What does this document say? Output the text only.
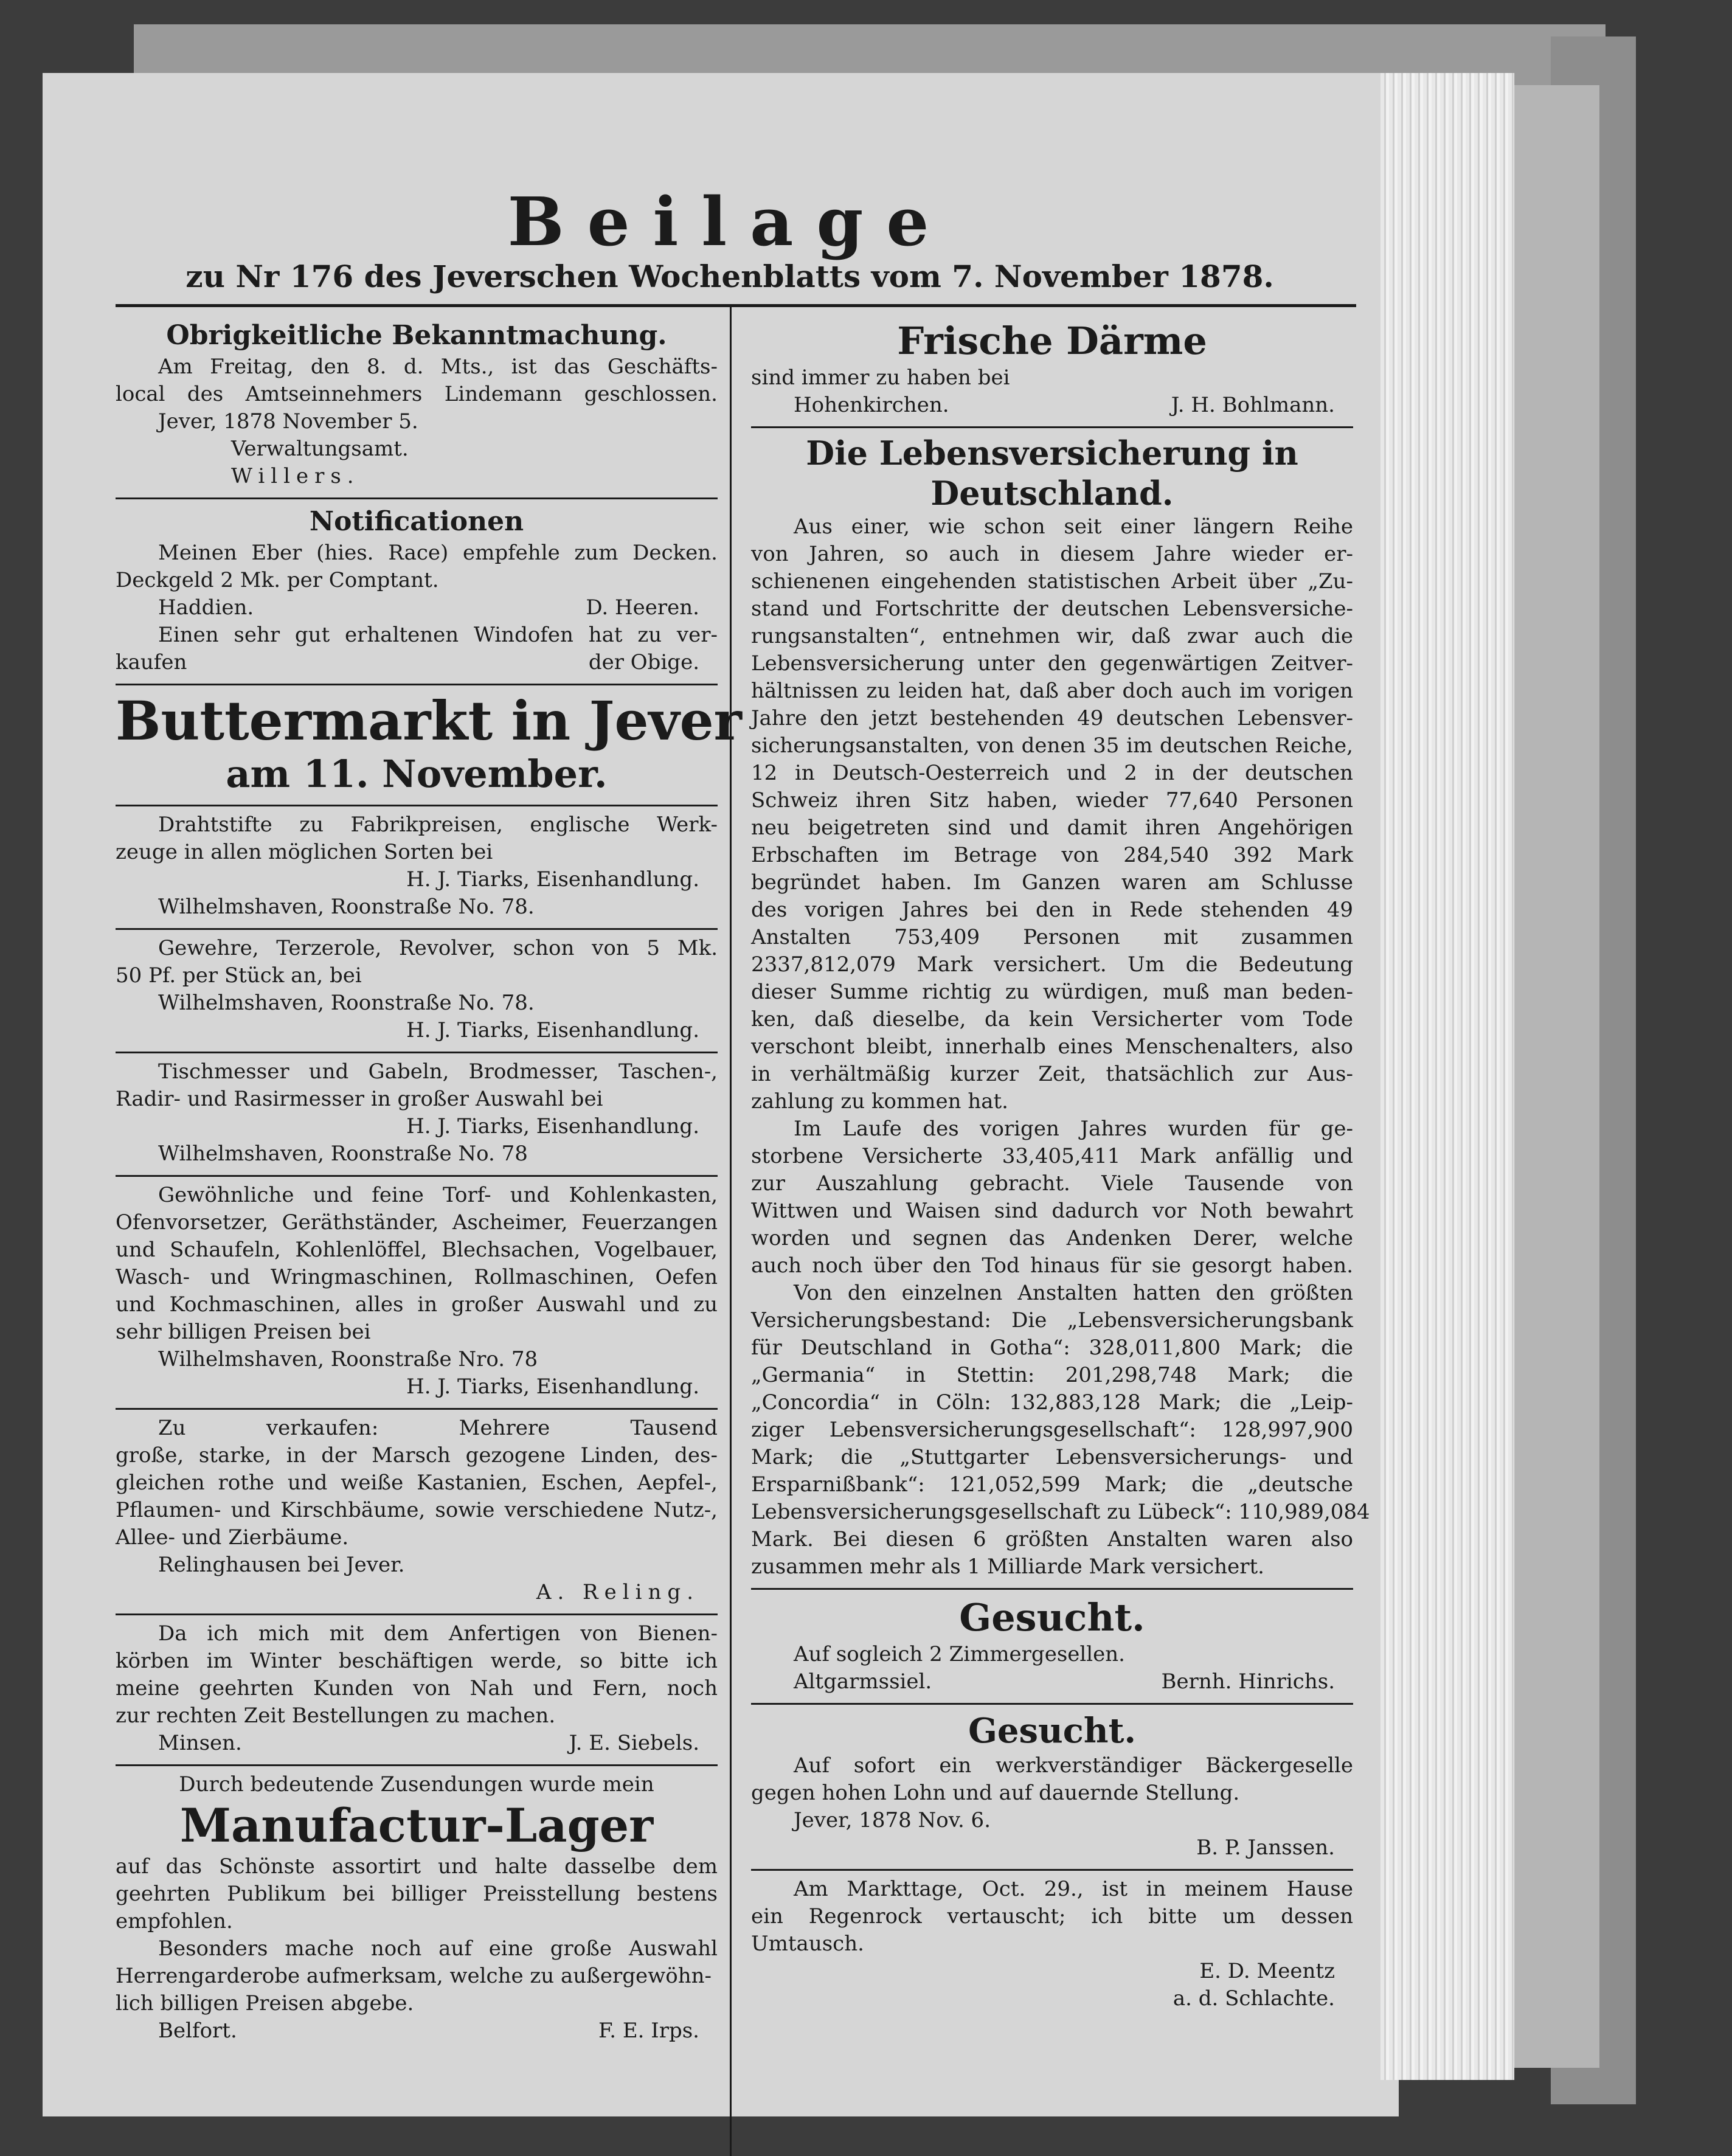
Beilage
zu Nr 176 des Jeverschen Wochenblatts vom 7. November 1878.
Obrigkeitliche Bekanntmachung.
Am Freitag, den 8. d. Mts., ist das Geschäfts-
local des Amtseinnehmers Lindemann geschlossen.
Jever, 1878 November 5.
Verwaltungsamt.
Willers.
Notificationen
Meinen Eber (hies. Race) empfehle zum Decken.
Deckgeld 2 Mk. per Comptant.
Haddien.	D. Heeren.
Einen sehr gut erhaltenen Windofen hat zu ver-
kaufen	der Obige.
Buttermarkt in Jever
am 11. November.
Drahtstifte zu Fabrikpreisen, englische Werk-
zeuge in allen möglichen Sorten bei
H. J. Tiarks, Eisenhandlung.
Wilhelmshaven, Roonstraße No. 78.
Gewehre, Terzerole, Revolver, schon von 5 Mk.
50 Pf. per Stück an, bei
Wilhelmshaven, Roonstraße No. 78.
H. J. Tiarks, Eisenhandlung.
Tischmesser und Gabeln, Brodmesser, Taschen-,
Radir- und Rasirmesser in großer Auswahl bei
H. J. Tiarks, Eisenhandlung.
Wilhelmshaven, Roonstraße No. 78
Gewöhnliche und feine Torf- und Kohlenkasten,
Ofenvorsetzer, Geräthständer, Ascheimer, Feuerzangen
und Schaufeln, Kohlenlöffel, Blechsachen, Vogelbauer,
Wasch- und Wringmaschinen, Rollmaschinen, Oefen
und Kochmaschinen, alles in großer Auswahl und zu
sehr billigen Preisen bei
Wilhelmshaven, Roonstraße Nro. 78
H. J. Tiarks, Eisenhandlung.
Zu verkaufen: Mehrere Tausend
große, starke, in der Marsch gezogene Linden, des-
gleichen rothe und weiße Kastanien, Eschen, Aepfel-,
Pflaumen- und Kirschbäume, sowie verschiedene Nutz-,
Allee- und Zierbäume.
Relinghausen bei Jever.
A. Reling.
Da ich mich mit dem Anfertigen von Bienen-
körben im Winter beschäftigen werde, so bitte ich
meine geehrten Kunden von Nah und Fern, noch
zur rechten Zeit Bestellungen zu machen.
Minsen.	J. E. Siebels.
Durch bedeutende Zusendungen wurde mein
Manufactur-Lager
auf das Schönste assortirt und halte dasselbe dem
geehrten Publikum bei billiger Preisstellung bestens
empfohlen.
Besonders mache noch auf eine große Auswahl
Herrengarderobe aufmerksam, welche zu außergewöhn-
lich billigen Preisen abgebe.
Belfort.	F. E. Irps.
Frische Därme
sind immer zu haben bei
Hohenkirchen.	J. H. Bohlmann.
Die Lebensversicherung in
Deutschland.
Aus einer, wie schon seit einer längern Reihe
von Jahren, so auch in diesem Jahre wieder er-
schienenen eingehenden statistischen Arbeit über „Zu-
stand und Fortschritte der deutschen Lebensversiche-
rungsanstalten“, entnehmen wir, daß zwar auch die
Lebensversicherung unter den gegenwärtigen Zeitver-
hältnissen zu leiden hat, daß aber doch auch im vorigen
Jahre den jetzt bestehenden 49 deutschen Lebensver-
sicherungsanstalten, von denen 35 im deutschen Reiche,
12 in Deutsch-Oesterreich und 2 in der deutschen
Schweiz ihren Sitz haben, wieder 77,640 Personen
neu beigetreten sind und damit ihren Angehörigen
Erbschaften im Betrage von 284,540 392 Mark
begründet haben. Im Ganzen waren am Schlusse
des vorigen Jahres bei den in Rede stehenden 49
Anstalten 753,409 Personen mit zusammen
2337,812,079 Mark versichert. Um die Bedeutung
dieser Summe richtig zu würdigen, muß man beden-
ken, daß dieselbe, da kein Versicherter vom Tode
verschont bleibt, innerhalb eines Menschenalters, also
in verhältmäßig kurzer Zeit, thatsächlich zur Aus-
zahlung zu kommen hat.
Im Laufe des vorigen Jahres wurden für ge-
storbene Versicherte 33,405,411 Mark anfällig und
zur Auszahlung gebracht. Viele Tausende von
Wittwen und Waisen sind dadurch vor Noth bewahrt
worden und segnen das Andenken Derer, welche
auch noch über den Tod hinaus für sie gesorgt haben.
Von den einzelnen Anstalten hatten den größten
Versicherungsbestand: Die „Lebensversicherungsbank
für Deutschland in Gotha“: 328,011,800 Mark; die
„Germania“ in Stettin: 201,298,748 Mark; die
„Concordia“ in Cöln: 132,883,128 Mark; die „Leip-
ziger Lebensversicherungsgesellschaft“: 128,997,900
Mark; die „Stuttgarter Lebensversicherungs- und
Ersparnißbank“: 121,052,599 Mark; die „deutsche
Lebensversicherungsgesellschaft zu Lübeck“: 110,989,084
Mark. Bei diesen 6 größten Anstalten waren also
zusammen mehr als 1 Milliarde Mark versichert.
Gesucht.
Auf sogleich 2 Zimmergesellen.
Altgarmssiel.	Bernh. Hinrichs.
Gesucht.
Auf sofort ein werkverständiger Bäckergeselle
gegen hohen Lohn und auf dauernde Stellung.
Jever, 1878 Nov. 6.
B. P. Janssen.
Am Markttage, Oct. 29., ist in meinem Hause
ein Regenrock vertauscht; ich bitte um dessen
Umtausch.
E. D. Meentz
a. d. Schlachte.
